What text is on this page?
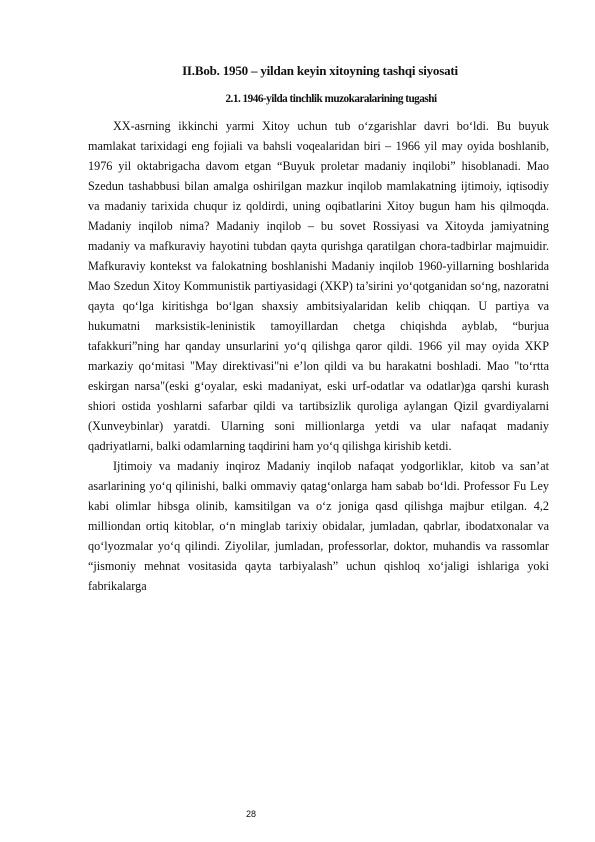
II.Bob. 1950 – yildan keyin xitoyning tashqi siyosati
2.1. 1946-yilda tinchlik muzokaralarining tugashi

XX-asrning ikkinchi yarmi Xitoy uchun tub o‘zgarishlar davri bo‘ldi. Bu buyuk mamlakat tarixidagi eng fojiali va bahsli voqealaridan biri – 1966 yil may oyida boshlanib, 1976 yil oktabrigacha davom etgan “Buyuk proletar madaniy inqilobi” hisoblanadi. Mao Szedun tashabbusi bilan amalga oshirilgan mazkur inqilob mamlakatning ijtimoiy, iqtisodiy va madaniy tarixida chuqur iz qoldirdi, uning oqibatlarini Xitoy bugun ham his qilmoqda. Madaniy inqilob nima? Madaniy inqilob – bu sovet Rossiyasi va Xitoyda jamiyatning madaniy va mafkuraviy hayotini tubdan qayta qurishga qaratilgan chora-tadbirlar majmuidir. Mafkuraviy kontekst va falokatning boshlanishi Madaniy inqilob 1960-yillarning boshlarida Mao Szedun Xitoy Kommunistik partiyasidagi (XKP) ta’sirini yo‘qotganidan so‘ng, nazoratni qayta qo‘lga kiritishga bo‘lgan shaxsiy ambitsiyalaridan kelib chiqqan. U partiya va hukumatni marksistik-leninistik tamoyillardan chetga chiqishda ayblab, “burjua tafakkuri”ning har qanday unsurlarini yo‘q qilishga qaror qildi. 1966 yil may oyida XKP markaziy qo‘mitasi "May direktivasi"ni e’lon qildi va bu harakatni boshladi. Mao "to‘rtta eskirgan narsa"(eski g‘oyalar, eski madaniyat, eski urf-odatlar va odatlar)ga qarshi kurash shiori ostida yoshlarni safarbar qildi va tartibsizlik quroliga aylangan Qizil gvardiyalarni (Xunveybinlar) yaratdi. Ularning soni millionlarga yetdi va ular nafaqat madaniy qadriyatlarni, balki odamlarning taqdirini ham yo‘q qilishga kirishib ketdi.

Ijtimoiy va madaniy inqiroz Madaniy inqilob nafaqat yodgorliklar, kitob va san’at asarlarining yo‘q qilinishi, balki ommaviy qatag‘onlarga ham sabab bo‘ldi. Professor Fu Ley kabi olimlar hibsga olinib, kamsitilgan va o‘z joniga qasd qilishga majbur etilgan. 4,2 milliondan ortiq kitoblar, o‘n minglab tarixiy obidalar, jumladan, qabrlar, ibodatxonalar va qo‘lyozmalar yo‘q qilindi. Ziyolilar, jumladan, professorlar, doktor, muhandis va rassomlar “jismoniy mehnat vositasida qayta tarbiyalash” uchun qishloq xo‘jaligi ishlariga yoki fabrikalarga

28
